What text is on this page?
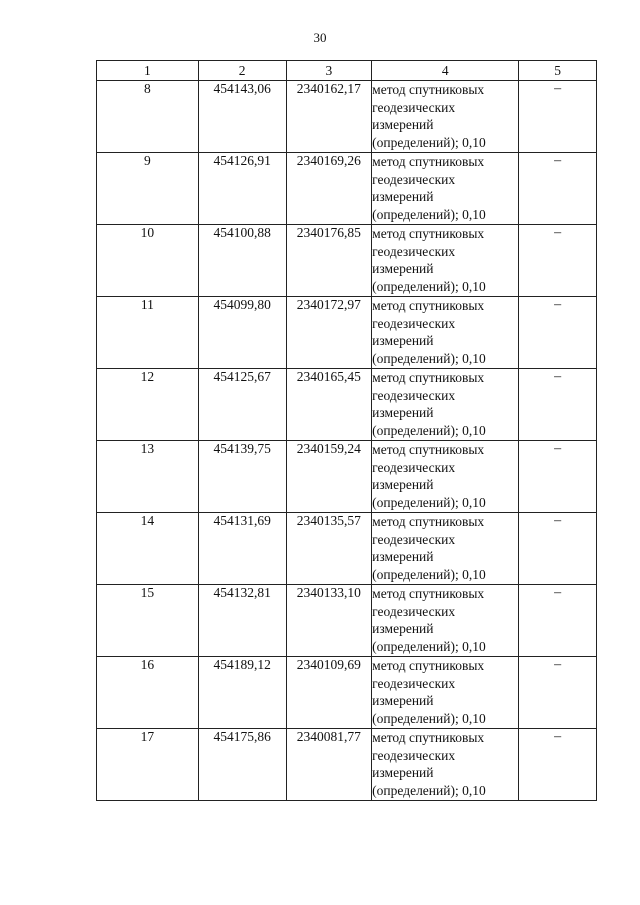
30
1	2	3	4	5
8	454143,06	2340162,17	метод спутниковых
геодезических
измерений
(определений); 0,10	–
9	454126,91	2340169,26	метод спутниковых
геодезических
измерений
(определений); 0,10	–
10	454100,88	2340176,85	метод спутниковых
геодезических
измерений
(определений); 0,10	–
11	454099,80	2340172,97	метод спутниковых
геодезических
измерений
(определений); 0,10	–
12	454125,67	2340165,45	метод спутниковых
геодезических
измерений
(определений); 0,10	–
13	454139,75	2340159,24	метод спутниковых
геодезических
измерений
(определений); 0,10	–
14	454131,69	2340135,57	метод спутниковых
геодезических
измерений
(определений); 0,10	–
15	454132,81	2340133,10	метод спутниковых
геодезических
измерений
(определений); 0,10	–
16	454189,12	2340109,69	метод спутниковых
геодезических
измерений
(определений); 0,10	–
17	454175,86	2340081,77	метод спутниковых
геодезических
измерений
(определений); 0,10	–
